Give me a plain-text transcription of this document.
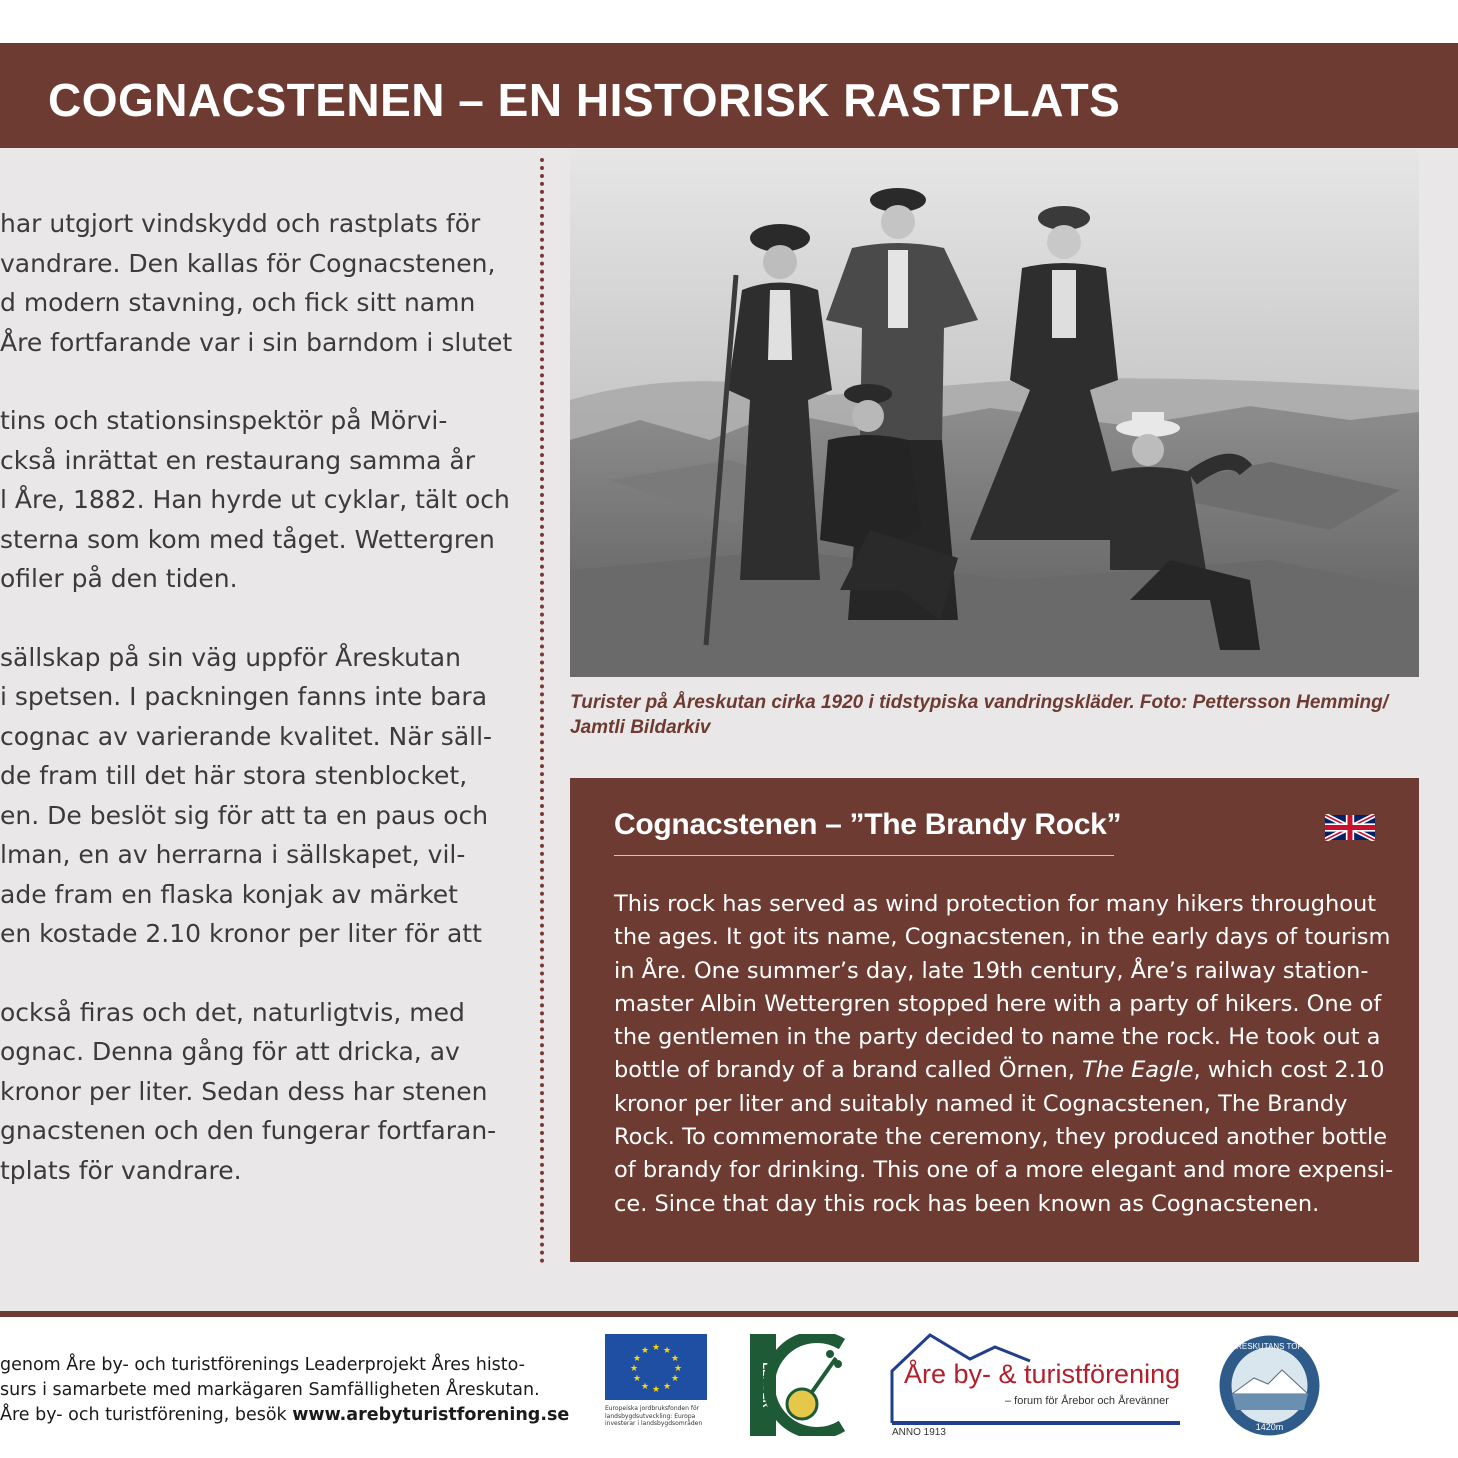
COGNACSTENEN – EN HISTORISK RASTPLATS

har utgjort vindskydd och rastplats för
vandrare. Den kallas för Cognacstenen,
d modern stavning, och fick sitt namn
Åre fortfarande var i sin barndom i slutet

tins och stationsinspektör på Mörvi-
ckså inrättat en restaurang samma år
l Åre, 1882. Han hyrde ut cyklar, tält och
sterna som kom med tåget. Wettergren
ofiler på den tiden.

sällskap på sin väg uppför Åreskutan
i spetsen. I packningen fanns inte bara
cognac av varierande kvalitet. När säll-
de fram till det här stora stenblocket,
en. De beslöt sig för att ta en paus och
lman, en av herrarna i sällskapet, vil-
ade fram en flaska konjak av märket
en kostade 2.10 kronor per liter för att

också firas och det, naturligtvis, med
ognac. Denna gång för att dricka, av
kronor per liter. Sedan dess har stenen
gnacstenen och den fungerar fortfaran-
tplats för vandrare.

Turister på Åreskutan cirka 1920 i tidstypiska vandringskläder. Foto: Pettersson Hemming/
Jamtli Bildarkiv
Cognacstenen – ”The Brandy Rock”
This rock has served as wind protection for many hikers throughout
the ages. It got its name, Cognacstenen, in the early days of tourism
in Åre. One summer’s day, late 19th century, Åre’s railway station-
master Albin Wettergren stopped here with a party of hikers. One of
the gentlemen in the party decided to name the rock. He took out a
bottle of brandy of a brand called Örnen, The Eagle, which cost 2.10
kronor per liter and suitably named it Cognacstenen, The Brandy
Rock. To commemorate the ceremony, they produced another bottle
of brandy for drinking. This one of a more elegant and more expensi-
ce. Since that day this rock has been known as Cognacstenen.
genom Åre by- och turistförenings Leaderprojekt Åres histo-
surs i samarbete med markägaren Samfälligheten Åreskutan.
Åre by- och turistförening, besök www.arebyturistforening.se
★ ★
★
★
★
★
★
★
★
★
★
★
Europeiska jordbruksfonden för
landsbygdsutveckling: Europa
investerar i landsbygdsområden
LEADER	Åre by- & turistförening
– forum för Årebor och Årevänner
ANNO 1913
ÅRESKUTANS TOPP
1420m
